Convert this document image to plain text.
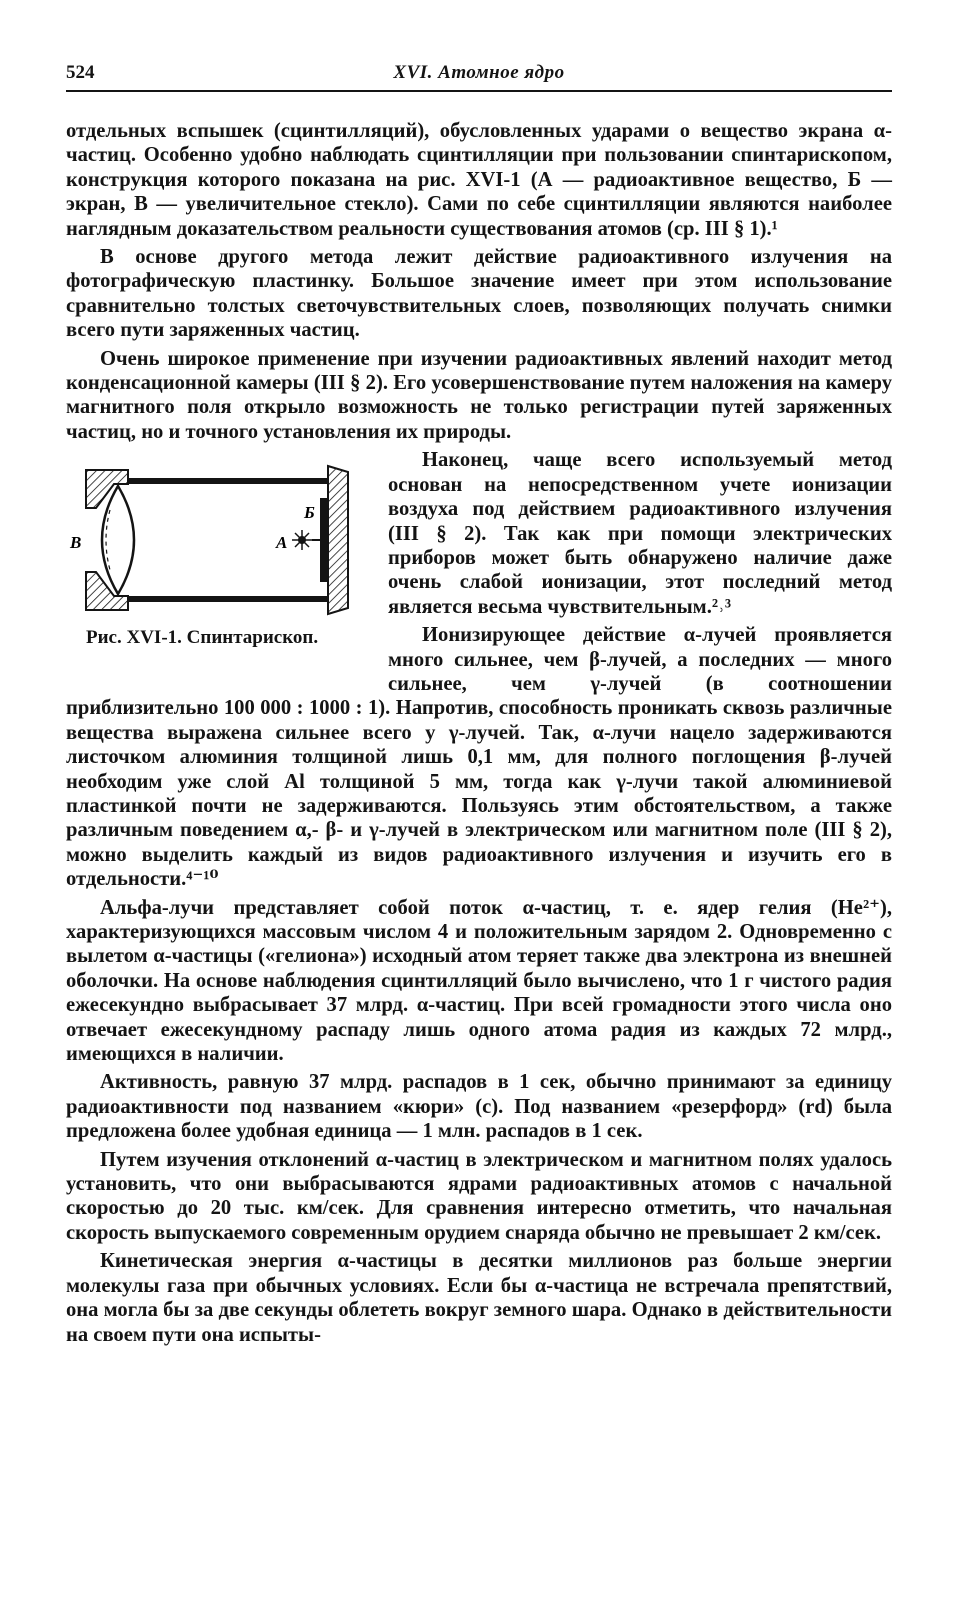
524	XVI. Атомное ядро

отдельных вспышек (сцинтилляций), обусловленных ударами о вещество экрана α-частиц. Особенно удобно наблюдать сцинтилляции при пользовании спинтарископом, конструкция которого показана на рис. XVI-1 (А — радиоактивное вещество, Б — экран, В — увеличительное стекло). Сами по себе сцинтилляции являются наиболее наглядным доказательством реальности существования атомов (ср. III § 1).¹

В основе другого метода лежит действие радиоактивного излучения на фотографическую пластинку. Большое значение имеет при этом использование сравнительно толстых светочувствительных слоев, позволяющих получать снимки всего пути заряженных частиц.

Очень широкое применение при изучении радиоактивных явлений находит метод конденсационной камеры (III § 2). Его усовершенствование путем наложения на камеру магнитного поля открыло возможность не только регистрации путей заряженных частиц, но и точного установления их природы.

В	А
Б
Рис. XVI-1. Спинтарископ.

Наконец, чаще всего используемый метод основан на непосредственном учете ионизации воздуха под действием радиоактивного излучения (III § 2). Так как при помощи электрических приборов может быть обнаружено наличие даже очень слабой ионизации, этот последний метод является весьма чувствительным.²˒³

Ионизирующее действие α-лучей проявляется много сильнее, чем β-лучей, а последних — много сильнее, чем γ-лучей (в соотношении приблизительно 100 000 : 1000 : 1). Напротив, способность проникать сквозь различные вещества выражена сильнее всего у γ-лучей. Так, α-лучи нацело задерживаются листочком алюминия толщиной лишь 0,1 мм, для полного поглощения β-лучей необходим уже слой Al толщиной 5 мм, тогда как γ-лучи такой алюминиевой пластинкой почти не задерживаются. Пользуясь этим обстоятельством, а также различным поведением α,- β- и γ-лучей в электрическом или магнитном поле (III § 2), можно выделить каждый из видов радиоактивного излучения и изучить его в отдельности.⁴⁻¹⁰

Альфа-лучи представляет собой поток α-частиц, т. е. ядер гелия (He²⁺), характеризующихся массовым числом 4 и положительным зарядом 2. Одновременно с вылетом α-частицы («гелиона») исходный атом теряет также два электрона из внешней оболочки. На основе наблюдения сцинтилляций было вычислено, что 1 г чистого радия ежесекундно выбрасывает 37 млрд. α-частиц. При всей громадности этого числа оно отвечает ежесекундному распаду лишь одного атома радия из каждых 72 млрд., имеющихся в наличии.

Активность, равную 37 млрд. распадов в 1 сек, обычно принимают за единицу радиоактивности под названием «кюри» (c). Под названием «резерфорд» (rd) была предложена более удобная единица — 1 млн. распадов в 1 сек.

Путем изучения отклонений α-частиц в электрическом и магнитном полях удалось установить, что они выбрасываются ядрами радиоактивных атомов с начальной скоростью до 20 тыс. км/сек. Для сравнения интересно отметить, что начальная скорость выпускаемого современным орудием снаряда обычно не превышает 2 км/сек.

Кинетическая энергия α-частицы в десятки миллионов раз больше энергии молекулы газа при обычных условиях. Если бы α-частица не встречала препятствий, она могла бы за две секунды облететь вокруг земного шара. Однако в действительности на своем пути она испыты-
